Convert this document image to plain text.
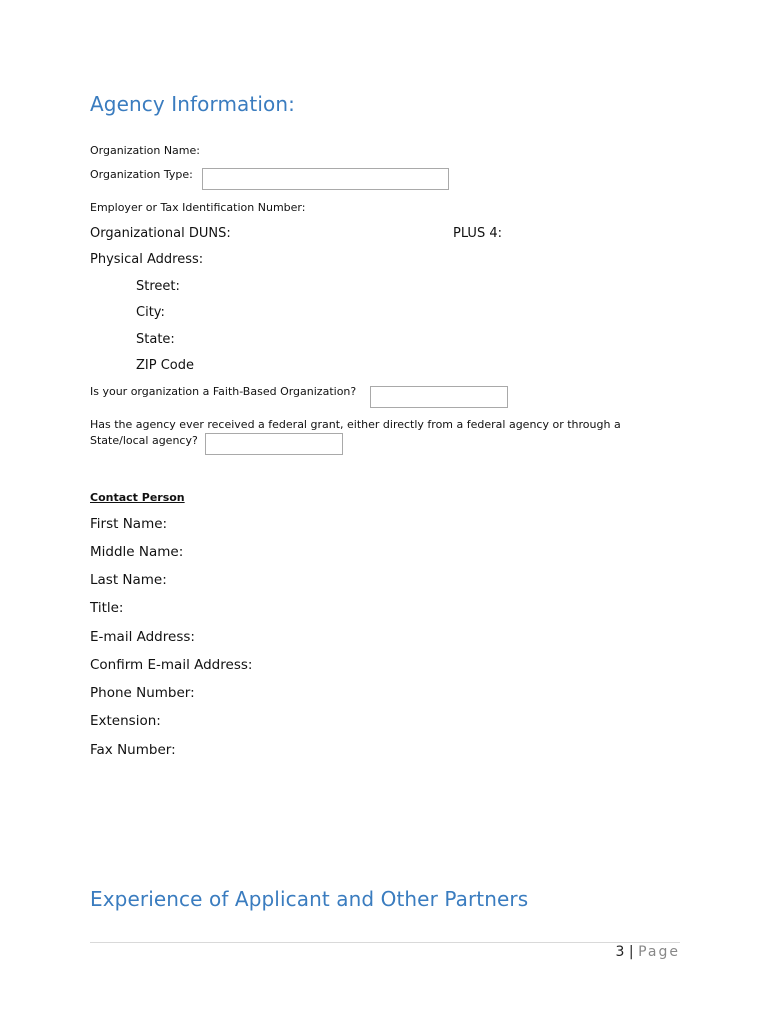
Agency Information:
Organization Name:
Organization Type:
Employer or Tax Identification Number:
Organizational DUNS:	PLUS 4:
Physical Address:
Street:
City:
State:
ZIP Code
Is your organization a Faith-Based Organization?
Has the agency ever received a federal grant, either directly from a federal agency or through a
State/local agency?
Contact Person
First Name:
Middle Name:
Last Name:
Title:
E-mail Address:
Confirm E-mail Address:
Phone Number:
Extension:
Fax Number:
Experience of Applicant and Other Partners
3 | Page
